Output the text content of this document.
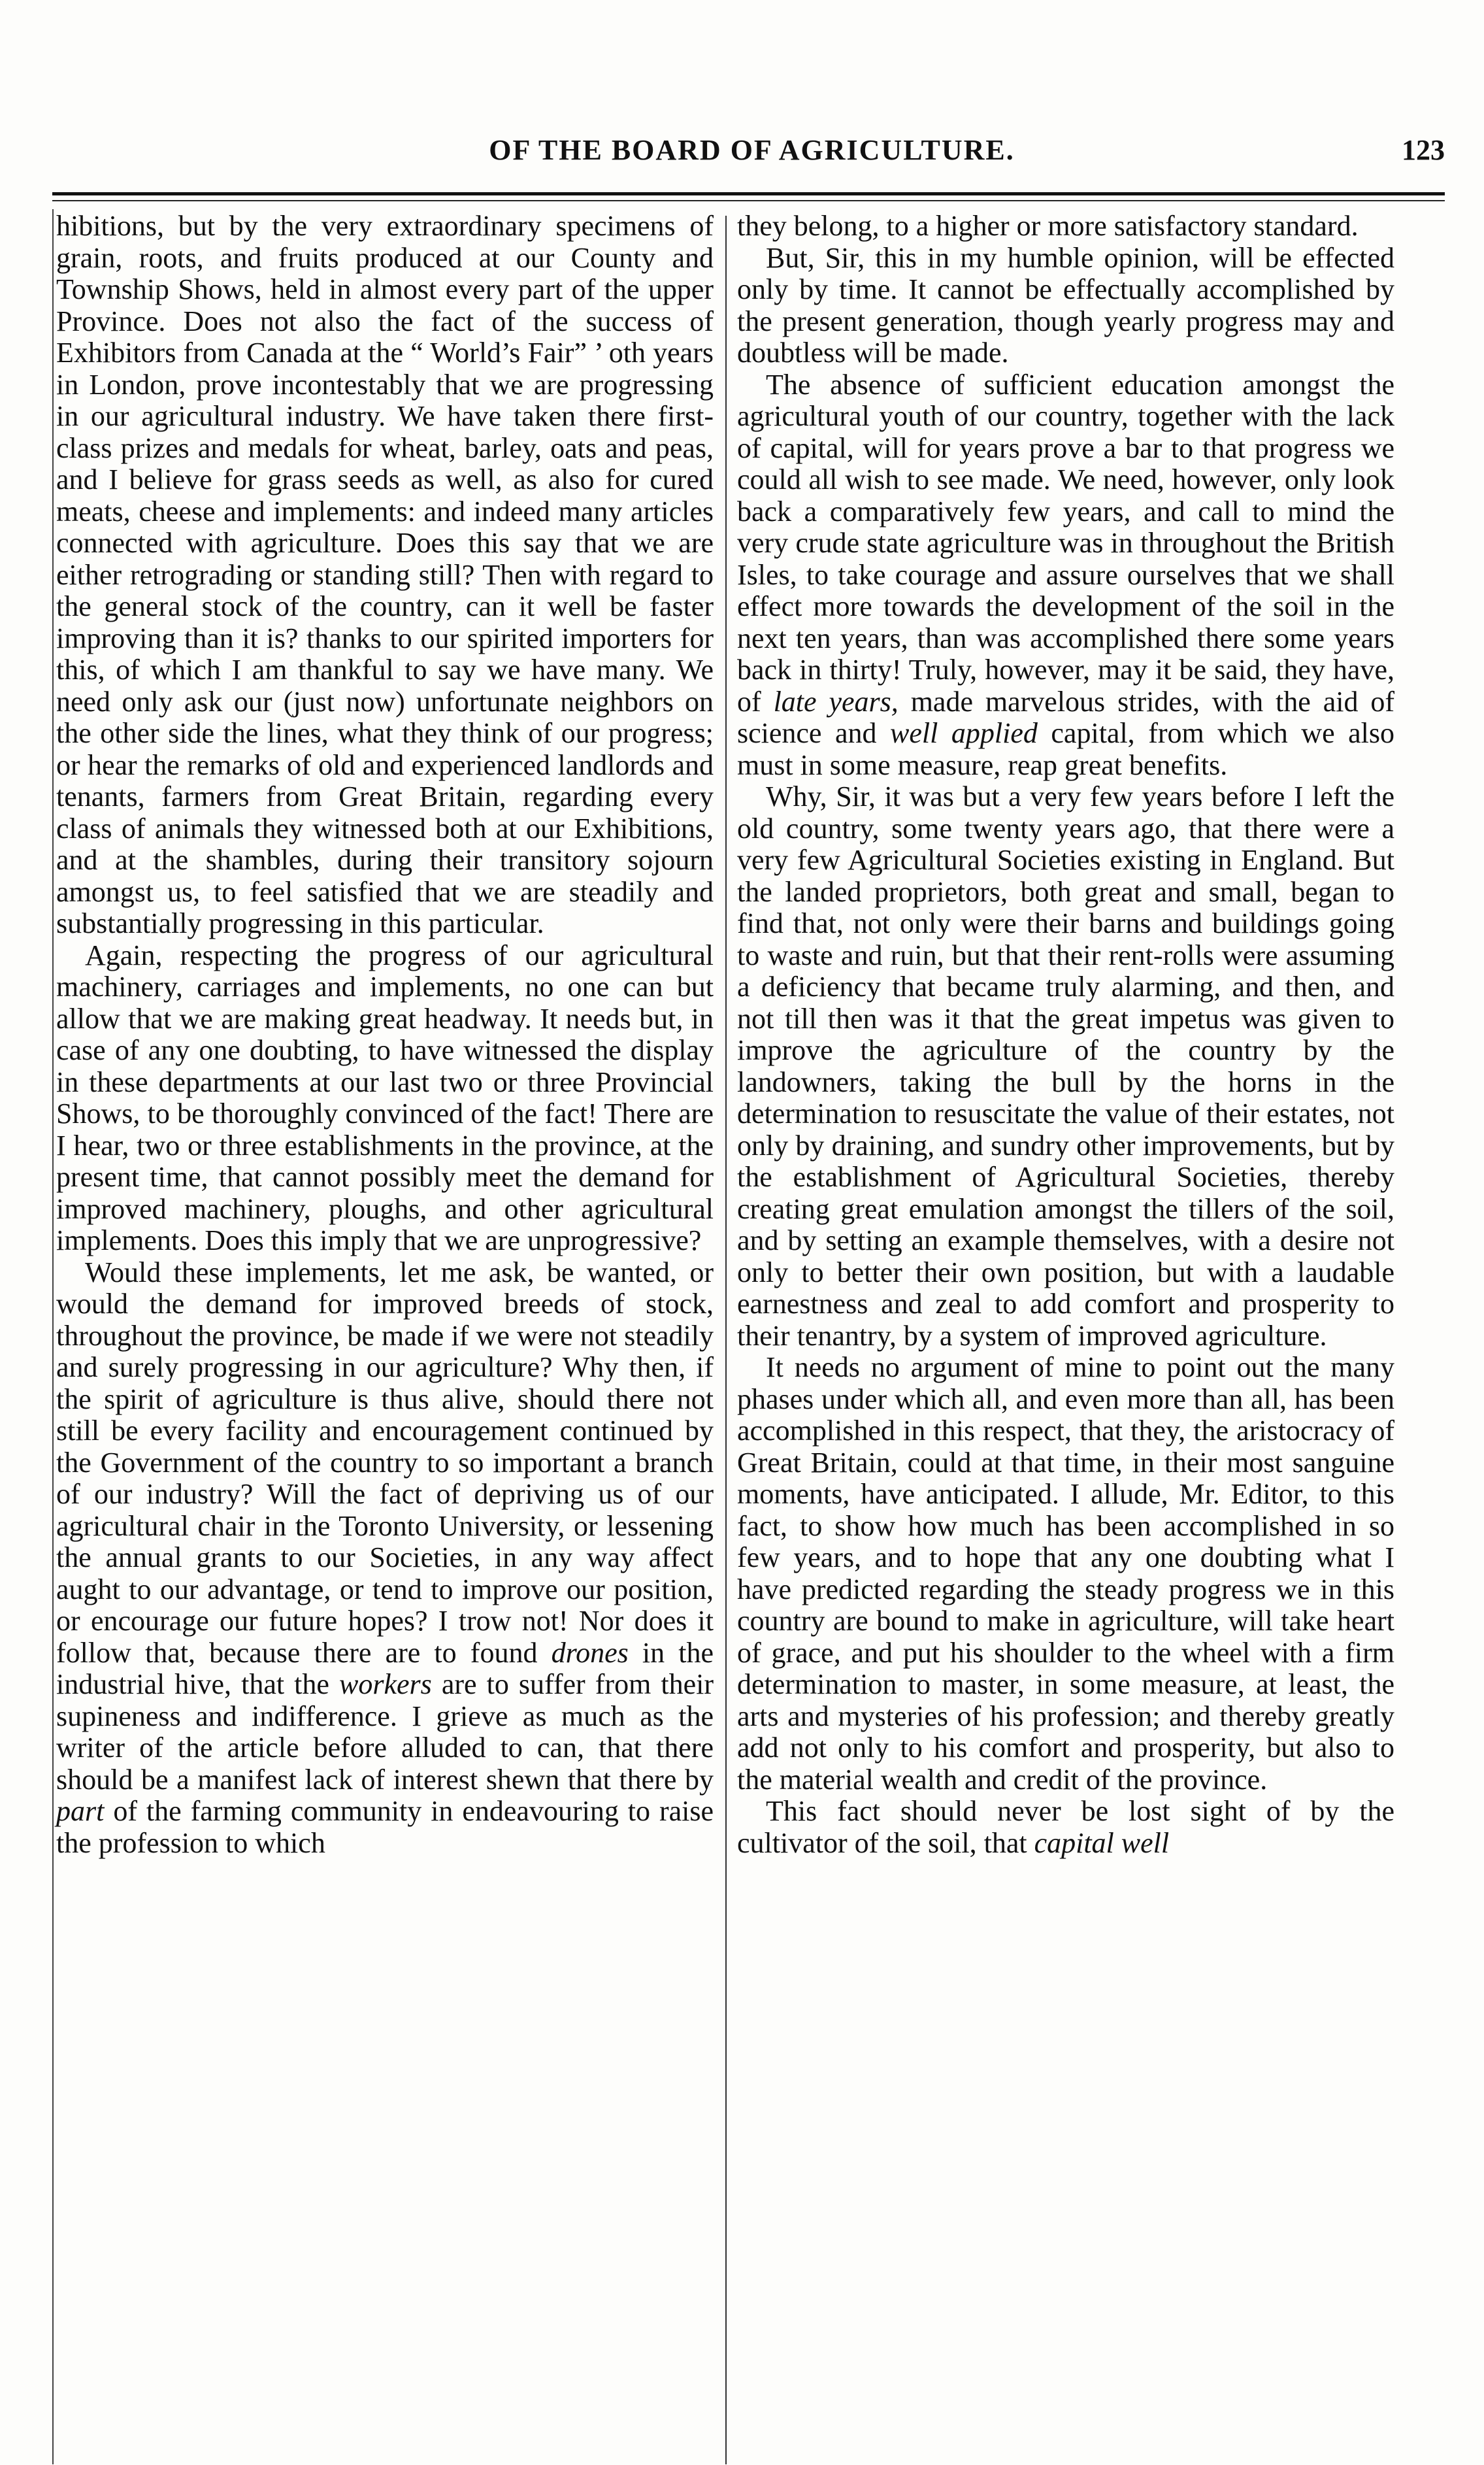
OF THE BOARD OF AGRICULTURE.	123

hibitions, but by the very extraordinary specimens of grain, roots, and fruits produced at our County and Township Shows, held in almost every part of the upper Province. Does not also the fact of the success of Exhibitors from Canada at the “ World’s Fair” ’ oth years in London, prove incontestably that we are progressing in our agricultural industry. We have taken there first-class prizes and medals for wheat, barley, oats and peas, and I believe for grass seeds as well, as also for cured meats, cheese and implements: and indeed many articles connected with agriculture. Does this say that we are either retrograding or standing still? Then with regard to the general stock of the country, can it well be faster improving than it is? thanks to our spirited importers for this, of which I am thankful to say we have many. We need only ask our (just now) unfortunate neighbors on the other side the lines, what they think of our progress; or hear the remarks of old and experienced landlords and tenants, farmers from Great Britain, regarding every class of animals they witnessed both at our Exhibitions, and at the shambles, during their transitory sojourn amongst us, to feel satisfied that we are steadily and substantially progressing in this particular.

Again, respecting the progress of our agricultural machinery, carriages and implements, no one can but allow that we are making great headway. It needs but, in case of any one doubting, to have witnessed the display in these departments at our last two or three Provincial Shows, to be thoroughly convinced of the fact! There are I hear, two or three establishments in the province, at the present time, that cannot possibly meet the demand for improved machinery, ploughs, and other agricultural implements. Does this imply that we are unprogressive?

Would these implements, let me ask, be wanted, or would the demand for improved breeds of stock, throughout the province, be made if we were not steadily and surely progressing in our agriculture? Why then, if the spirit of agriculture is thus alive, should there not still be every facility and encouragement continued by the Government of the country to so important a branch of our industry? Will the fact of depriving us of our agricultural chair in the Toronto University, or lessening the annual grants to our Societies, in any way affect aught to our advantage, or tend to improve our position, or encourage our future hopes? I trow not! Nor does it follow that, because there are to found drones in the industrial hive, that the workers are to suffer from their supineness and indifference. I grieve as much as the writer of the article before alluded to can, that there should be a manifest lack of interest shewn that there by part of the farming community in endeavouring to raise the profession to which

they belong, to a higher or more satisfactory standard.

But, Sir, this in my humble opinion, will be effected only by time. It cannot be effectually accomplished by the present generation, though yearly progress may and doubtless will be made.

The absence of sufficient education amongst the agricultural youth of our country, together with the lack of capital, will for years prove a bar to that progress we could all wish to see made. We need, however, only look back a comparatively few years, and call to mind the very crude state agriculture was in throughout the British Isles, to take courage and assure ourselves that we shall effect more towards the development of the soil in the next ten years, than was accomplished there some years back in thirty! Truly, however, may it be said, they have, of late years, made marvelous strides, with the aid of science and well applied capital, from which we also must in some measure, reap great benefits.

Why, Sir, it was but a very few years before I left the old country, some twenty years ago, that there were a very few Agricultural Societies existing in England. But the landed proprietors, both great and small, began to find that, not only were their barns and buildings going to waste and ruin, but that their rent-rolls were assuming a deficiency that became truly alarming, and then, and not till then was it that the great impetus was given to improve the agriculture of the country by the landowners, taking the bull by the horns in the determination to resuscitate the value of their estates, not only by draining, and sundry other improvements, but by the establishment of Agricultural Societies, thereby creating great emulation amongst the tillers of the soil, and by setting an example themselves, with a desire not only to better their own position, but with a laudable earnestness and zeal to add comfort and prosperity to their tenantry, by a system of improved agriculture.

It needs no argument of mine to point out the many phases under which all, and even more than all, has been accomplished in this respect, that they, the aristocracy of Great Britain, could at that time, in their most sanguine moments, have anticipated. I allude, Mr. Editor, to this fact, to show how much has been accomplished in so few years, and to hope that any one doubting what I have predicted regarding the steady progress we in this country are bound to make in agriculture, will take heart of grace, and put his shoulder to the wheel with a firm determination to master, in some measure, at least, the arts and mysteries of his profession; and thereby greatly add not only to his comfort and prosperity, but also to the material wealth and credit of the province.

This fact should never be lost sight of by the cultivator of the soil, that capital well
